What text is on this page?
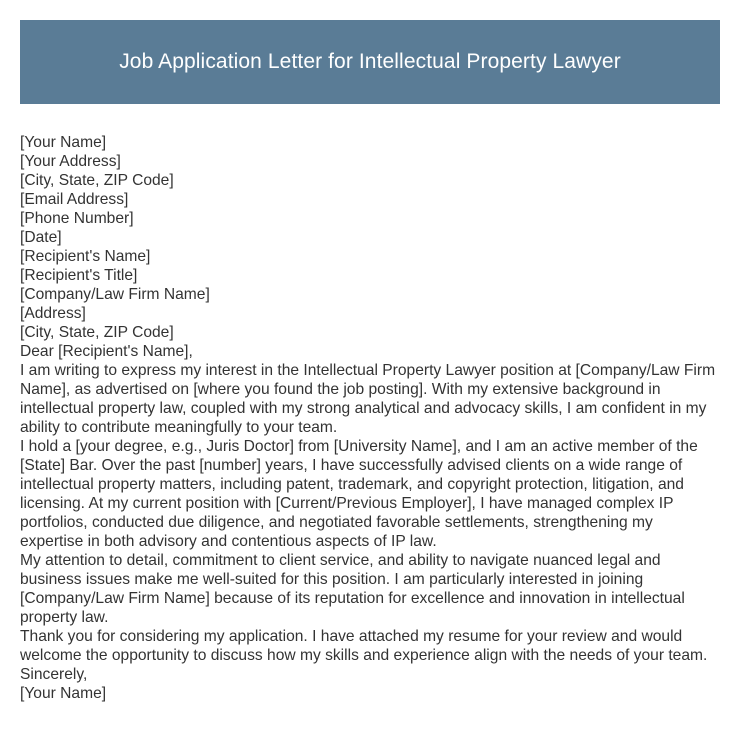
Job Application Letter for Intellectual Property Lawyer
[Your Name]
[Your Address]
[City, State, ZIP Code]
[Email Address]
[Phone Number]
[Date]
[Recipient's Name]
[Recipient's Title]
[Company/Law Firm Name]
[Address]
[City, State, ZIP Code]
Dear [Recipient's Name],
I am writing to express my interest in the Intellectual Property Lawyer position at [Company/Law Firm Name], as advertised on [where you found the job posting]. With my extensive background in intellectual property law, coupled with my strong analytical and advocacy skills, I am confident in my ability to contribute meaningfully to your team.
I hold a [your degree, e.g., Juris Doctor] from [University Name], and I am an active member of the [State] Bar. Over the past [number] years, I have successfully advised clients on a wide range of intellectual property matters, including patent, trademark, and copyright protection, litigation, and licensing. At my current position with [Current/Previous Employer], I have managed complex IP portfolios, conducted due diligence, and negotiated favorable settlements, strengthening my expertise in both advisory and contentious aspects of IP law.
My attention to detail, commitment to client service, and ability to navigate nuanced legal and business issues make me well-suited for this position. I am particularly interested in joining [Company/Law Firm Name] because of its reputation for excellence and innovation in intellectual property law.
Thank you for considering my application. I have attached my resume for your review and would welcome the opportunity to discuss how my skills and experience align with the needs of your team.
Sincerely,
[Your Name]
